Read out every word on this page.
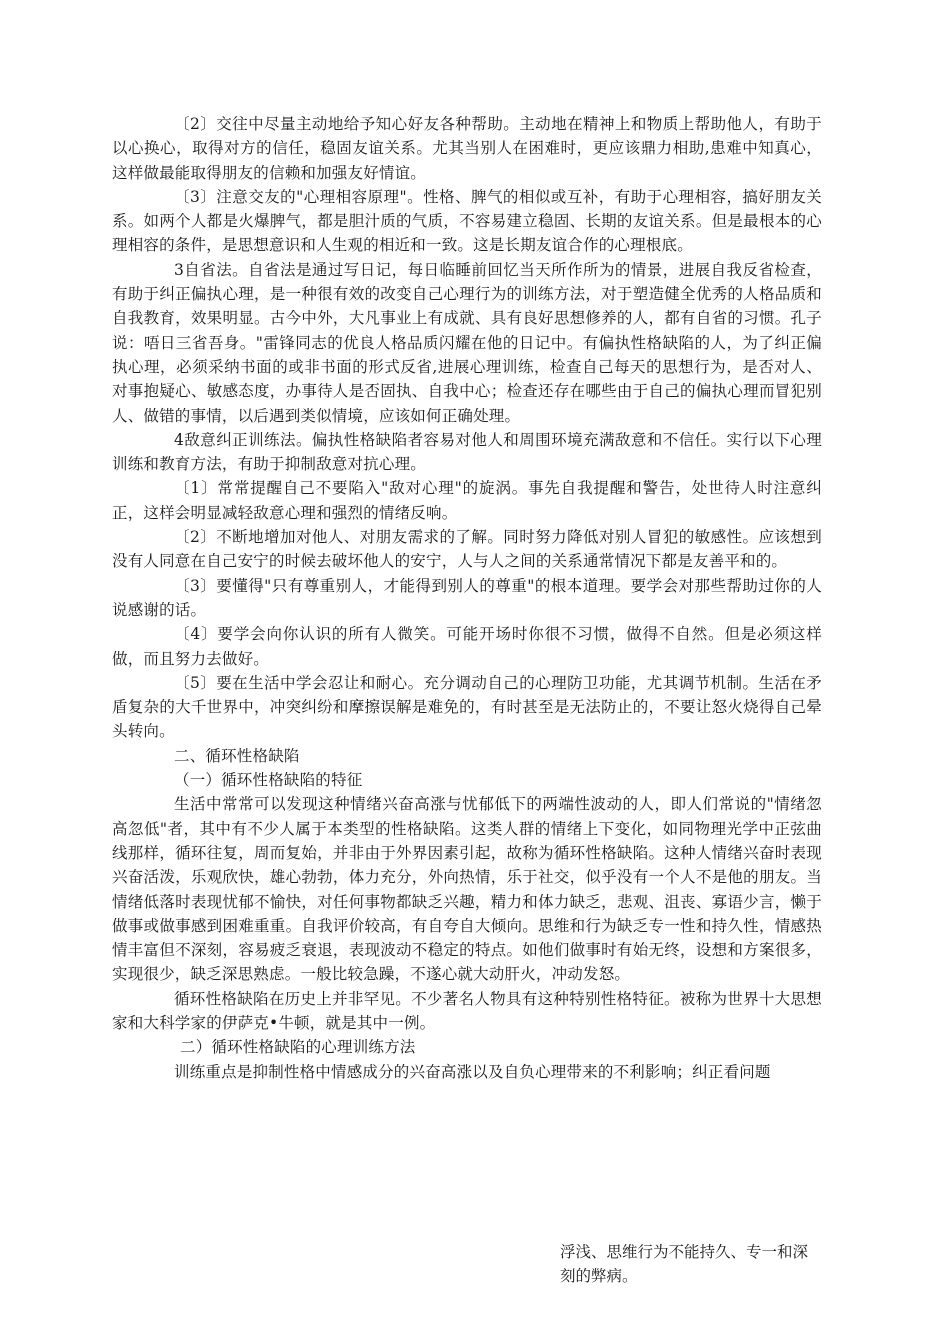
〔2〕交往中尽量主动地给予知心好友各种帮助。主动地在精神上和物质上帮助他人，有助于以心换心，取得对方的信任，稳固友谊关系。尤其当别人在困难时，更应该鼎力相助,患难中知真心，这样做最能取得朋友的信赖和加强友好情谊。

〔3〕注意交友的"心理相容原理"。性格、脾气的相似或互补，有助于心理相容，搞好朋友关系。如两个人都是火爆脾气，都是胆汁质的气质，不容易建立稳固、长期的友谊关系。但是最根本的心理相容的条件，是思想意识和人生观的相近和一致。这是长期友谊合作的心理根底。

3自省法。自省法是通过写日记，每日临睡前回忆当天所作所为的情景，进展自我反省检查，有助于纠正偏执心理，是一种很有效的改变自己心理行为的训练方法，对于塑造健全优秀的人格品质和自我教育，效果明显。古今中外，大凡事业上有成就、具有良好思想修养的人，都有自省的习惯。孔子说：唔日三省吾身。"雷锋同志的优良人格品质闪耀在他的日记中。有偏执性格缺陷的人，为了纠正偏执心理，必须采纳书面的或非书面的形式反省,进展心理训练，检查自己每天的思想行为，是否对人、对事抱疑心、敏感态度，办事待人是否固执、自我中心；检查还存在哪些由于自己的偏执心理而冒犯别人、做错的事情，以后遇到类似情境，应该如何正确处理。

4敌意纠正训练法。偏执性格缺陷者容易对他人和周围环境充满敌意和不信任。实行以下心理训练和教育方法，有助于抑制敌意对抗心理。

〔1〕常常提醒自己不要陷入"敌对心理"的旋涡。事先自我提醒和警告，处世待人时注意纠正，这样会明显减轻敌意心理和强烈的情绪反响。

〔2〕不断地增加对他人、对朋友需求的了解。同时努力降低对别人冒犯的敏感性。应该想到没有人同意在自己安宁的时候去破坏他人的安宁，人与人之间的关系通常情况下都是友善平和的。

〔3〕要懂得"只有尊重别人，才能得到别人的尊重"的根本道理。要学会对那些帮助过你的人说感谢的话。

〔4〕要学会向你认识的所有人微笑。可能开场时你很不习惯，做得不自然。但是必须这样做，而且努力去做好。

〔5〕要在生活中学会忍让和耐心。充分调动自己的心理防卫功能，尤其调节机制。生活在矛盾复杂的大千世界中，冲突纠纷和摩擦误解是难免的，有时甚至是无法防止的，不要让怒火烧得自己晕头转向。

二、循环性格缺陷

（一）循环性格缺陷的特征

生活中常常可以发现这种情绪兴奋高涨与忧郁低下的两端性波动的人，即人们常说的"情绪忽高忽低"者，其中有不少人属于本类型的性格缺陷。这类人群的情绪上下变化，如同物理光学中正弦曲线那样，循环往复，周而复始，并非由于外界因素引起，故称为循环性格缺陷。这种人情绪兴奋时表现兴奋活泼，乐观欣快，雄心勃勃，体力充分，外向热情，乐于社交，似乎没有一个人不是他的朋友。当情绪低落时表现忧郁不愉快，对任何事物都缺乏兴趣，精力和体力缺乏，悲观、沮丧、寡语少言，懒于做事或做事感到困难重重。自我评价较高，有自夸自大倾向。思维和行为缺乏专一性和持久性，情感热情丰富但不深刻，容易疲乏衰退，表现波动不稳定的特点。如他们做事时有始无终，设想和方案很多，实现很少，缺乏深思熟虑。一般比较急躁，不遂心就大动肝火，冲动发怒。

循环性格缺陷在历史上并非罕见。不少著名人物具有这种特别性格特征。被称为世界十大思想家和大科学家的伊萨克•牛顿，就是其中一例。

二）循环性格缺陷的心理训练方法

训练重点是抑制性格中情感成分的兴奋高涨以及自负心理带来的不利影响；纠正看问题

浮浅、思维行为不能持久、专一和深刻的弊病。
